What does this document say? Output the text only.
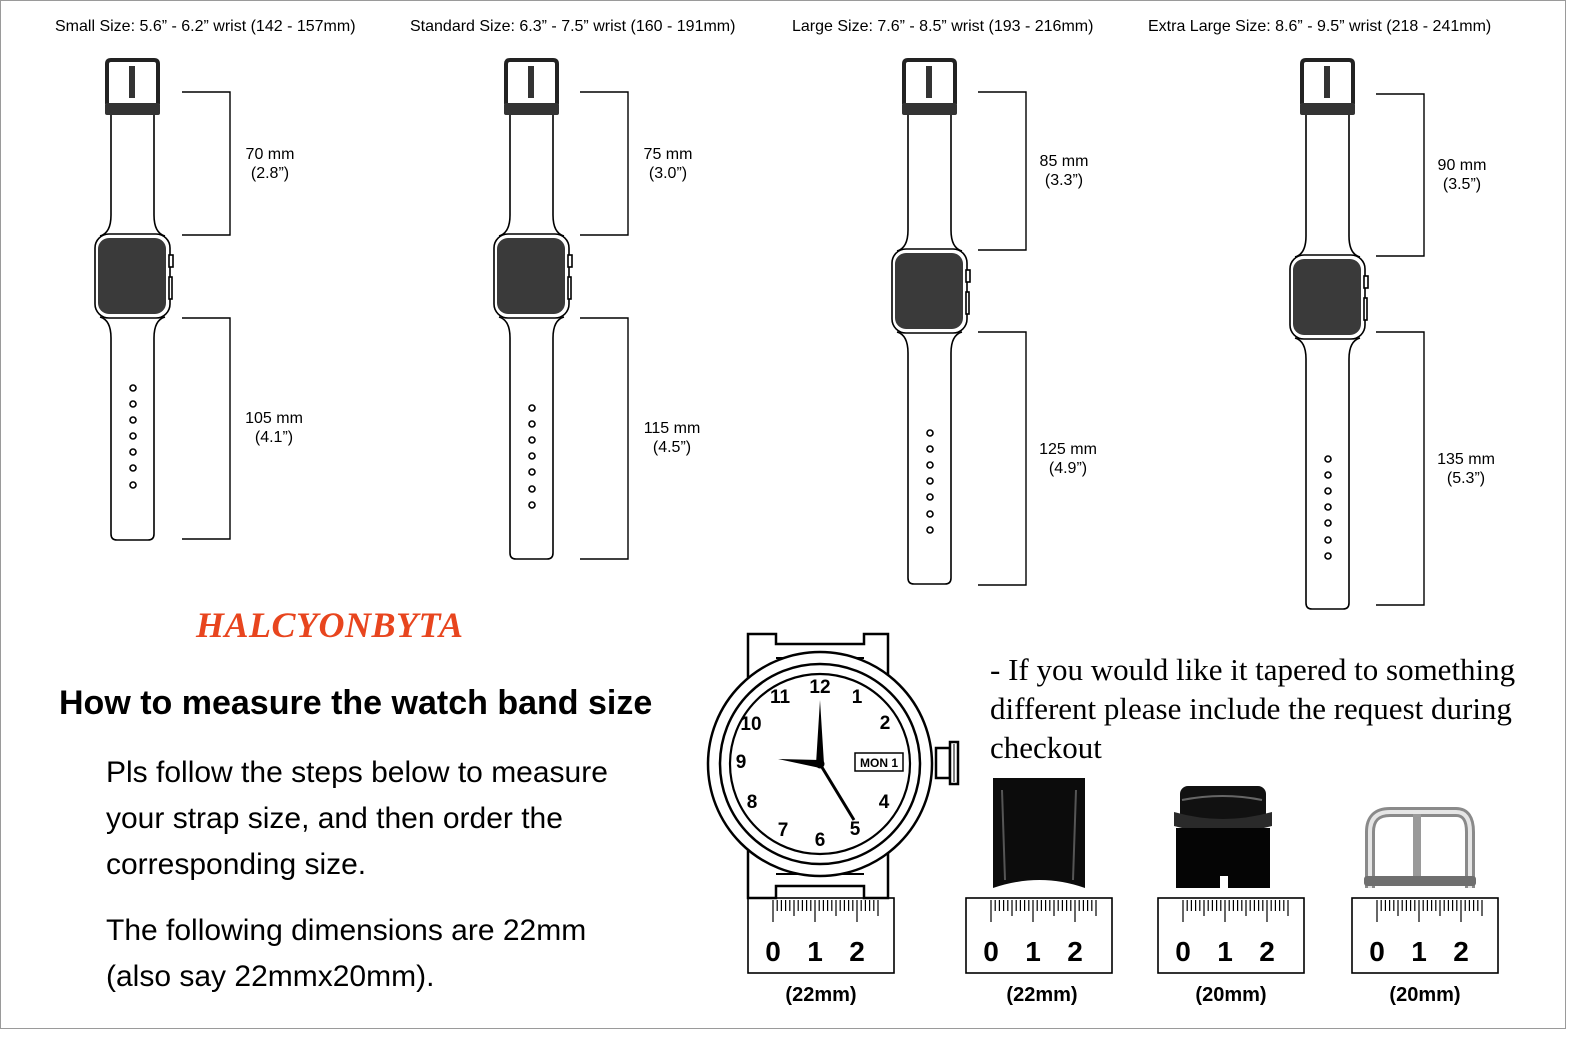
Small Size: 5.6” - 6.2” wrist (142 - 157mm)	Standard Size: 6.3” - 7.5” wrist (160 - 191mm)	Large Size: 7.6” - 8.5” wrist (193 - 216mm)	Extra Large Size: 8.6” - 9.5” wrist (218 - 241mm)
12 1
2
4
5
6
7
8
9
10
11
MON 1
0 1 2	0 1 2	0 1 2	0 1 2
70 mm
(2.8”)
105 mm
(4.1”)
75 mm
(3.0”)
115 mm
(4.5”)
85 mm
(3.3”)
125 mm
(4.9”)
90 mm
(3.5”)
135 mm
(5.3”)
HALCYONBYTA
How to measure the watch band size
Pls follow the steps below to measure your strap size, and then order the corresponding size.
The following dimensions are 22mm (also say 22mmx20mm).
- If you would like it tapered to something different please include the request during checkout
(22mm)	(22mm)	(20mm)	(20mm)
